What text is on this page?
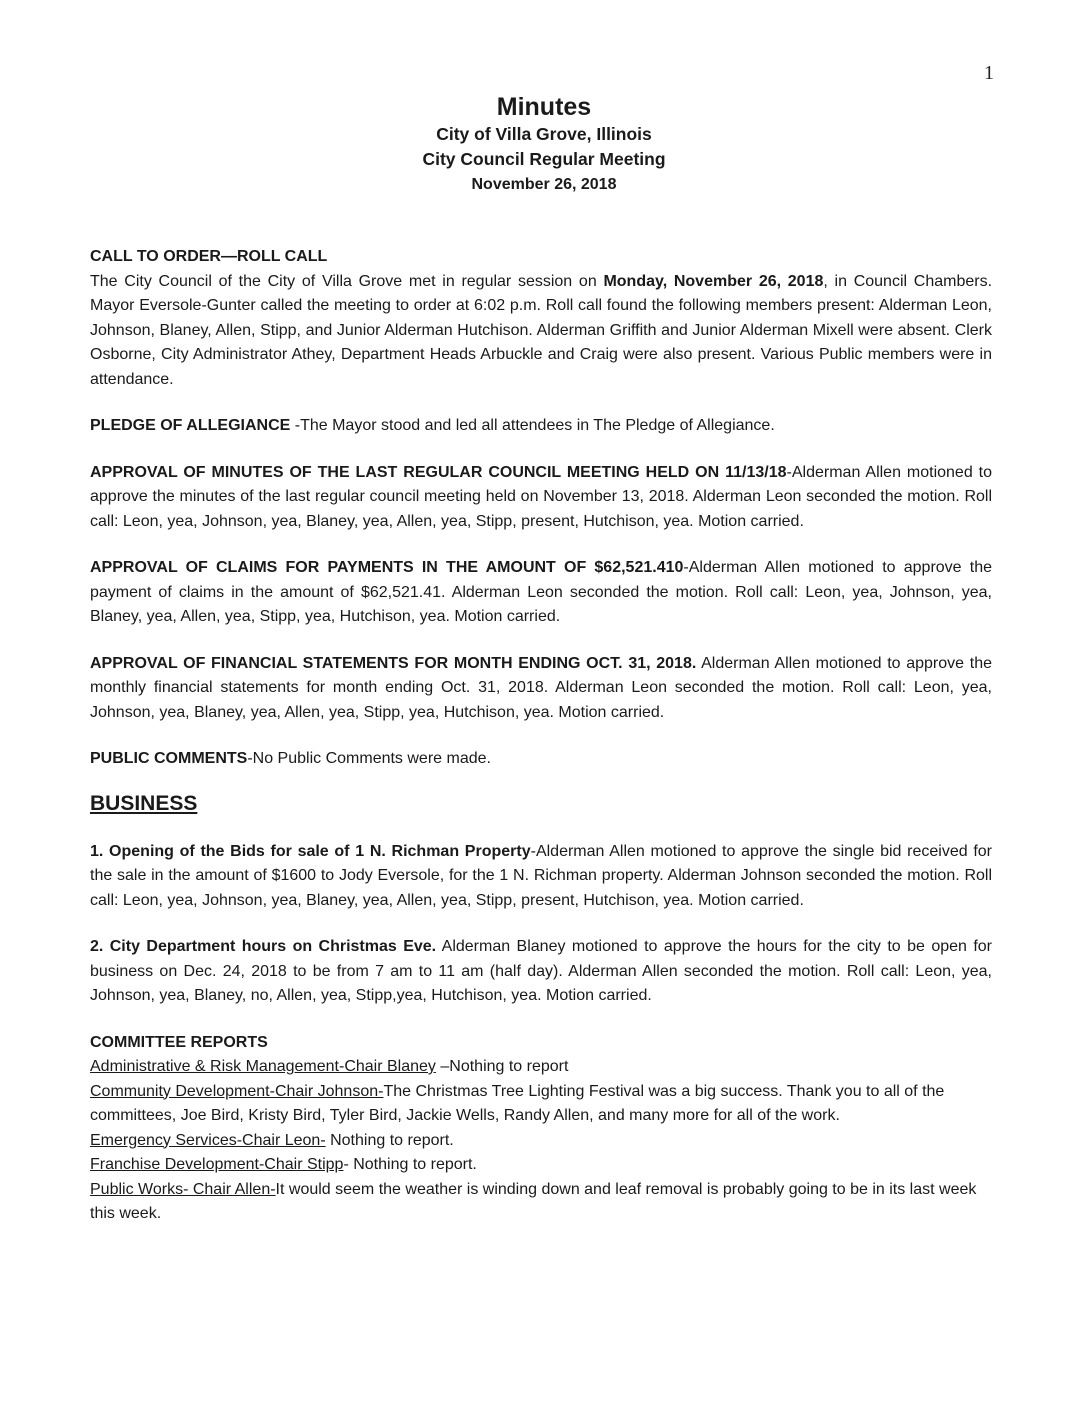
1
Minutes
City of Villa Grove, Illinois
City Council Regular Meeting
November 26, 2018

CALL TO ORDER—ROLL CALL

The City Council of the City of Villa Grove met in regular session on Monday, November 26, 2018, in Council Chambers. Mayor Eversole-Gunter called the meeting to order at 6:02 p.m. Roll call found the following members present: Alderman Leon, Johnson, Blaney, Allen, Stipp, and Junior Alderman Hutchison. Alderman Griffith and Junior Alderman Mixell were absent. Clerk Osborne, City Administrator Athey, Department Heads Arbuckle and Craig were also present. Various Public members were in attendance.

PLEDGE OF ALLEGIANCE -The Mayor stood and led all attendees in The Pledge of Allegiance.

APPROVAL OF MINUTES OF THE LAST REGULAR COUNCIL MEETING HELD ON 11/13/18-Alderman Allen motioned to approve the minutes of the last regular council meeting held on November 13, 2018. Alderman Leon seconded the motion. Roll call: Leon, yea, Johnson, yea, Blaney, yea, Allen, yea, Stipp, present, Hutchison, yea. Motion carried.

APPROVAL OF CLAIMS FOR PAYMENTS IN THE AMOUNT OF $62,521.410-Alderman Allen motioned to approve the payment of claims in the amount of $62,521.41. Alderman Leon seconded the motion. Roll call: Leon, yea, Johnson, yea, Blaney, yea, Allen, yea, Stipp, yea, Hutchison, yea. Motion carried.

APPROVAL OF FINANCIAL STATEMENTS FOR MONTH ENDING OCT. 31, 2018. Alderman Allen motioned to approve the monthly financial statements for month ending Oct. 31, 2018. Alderman Leon seconded the motion. Roll call: Leon, yea, Johnson, yea, Blaney, yea, Allen, yea, Stipp, yea, Hutchison, yea. Motion carried.

PUBLIC COMMENTS-No Public Comments were made.

BUSINESS

1. Opening of the Bids for sale of 1 N. Richman Property-Alderman Allen motioned to approve the single bid received for the sale in the amount of $1600 to Jody Eversole, for the 1 N. Richman property. Alderman Johnson seconded the motion. Roll call: Leon, yea, Johnson, yea, Blaney, yea, Allen, yea, Stipp, present, Hutchison, yea. Motion carried.

2. City Department hours on Christmas Eve. Alderman Blaney motioned to approve the hours for the city to be open for business on Dec. 24, 2018 to be from 7 am to 11 am (half day). Alderman Allen seconded the motion. Roll call: Leon, yea, Johnson, yea, Blaney, no, Allen, yea, Stipp,yea, Hutchison, yea. Motion carried.

COMMITTEE REPORTS

Administrative & Risk Management-Chair Blaney –Nothing to report

Community Development-Chair Johnson-The Christmas Tree Lighting Festival was a big success. Thank you to all of the committees, Joe Bird, Kristy Bird, Tyler Bird, Jackie Wells, Randy Allen, and many more for all of the work.

Emergency Services-Chair Leon- Nothing to report.

Franchise Development-Chair Stipp- Nothing to report.

Public Works- Chair Allen-It would seem the weather is winding down and leaf removal is probably going to be in its last week this week.
